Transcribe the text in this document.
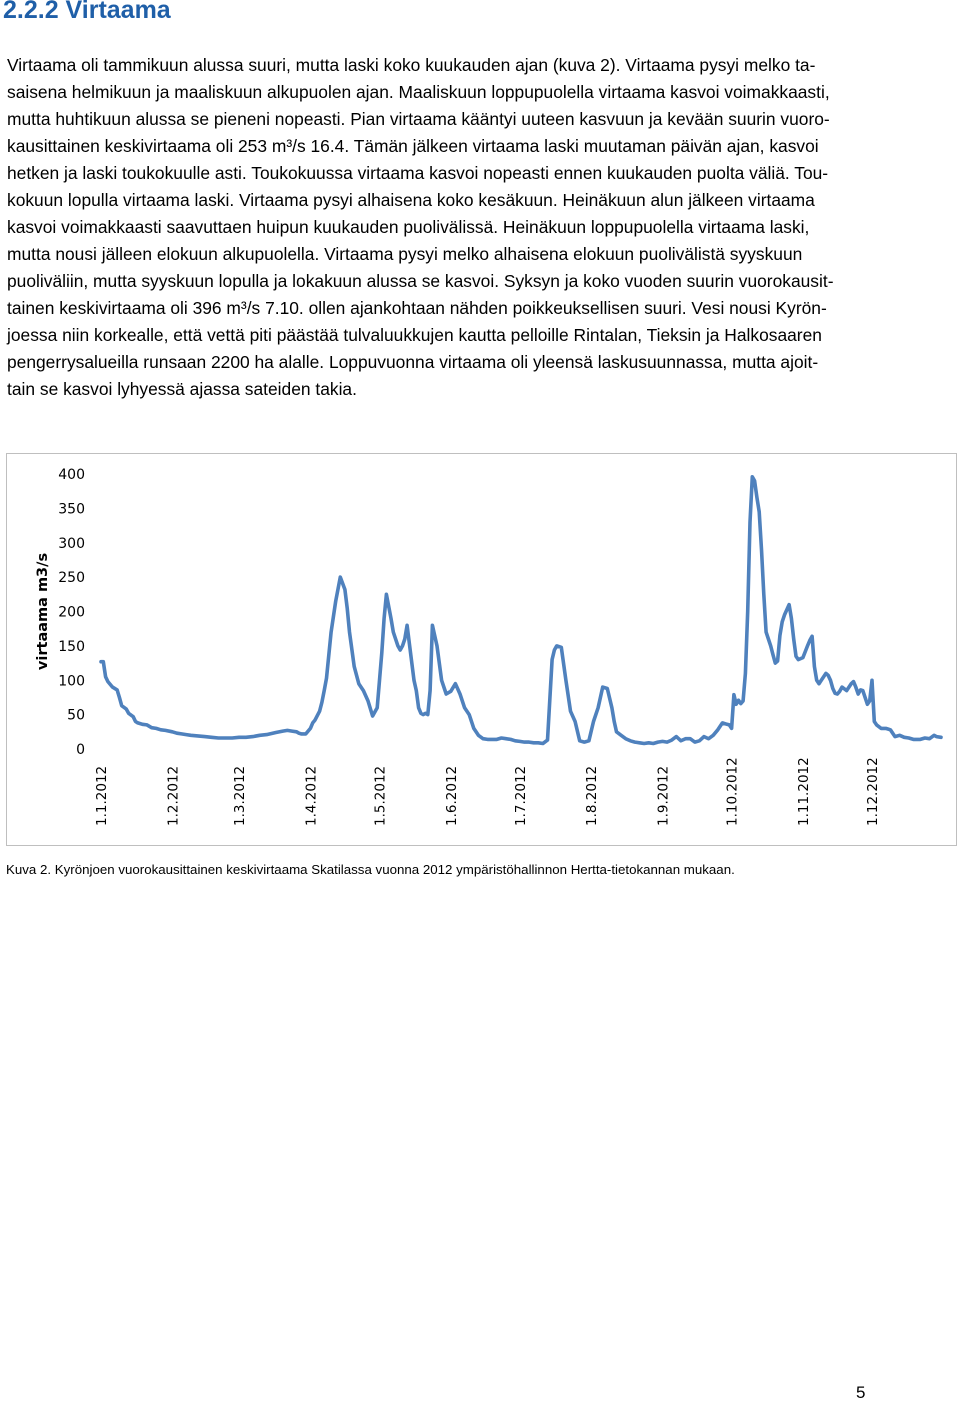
2.2.2 Virtaama
Virtaama oli tammikuun alussa suuri, mutta laski koko kuukauden ajan (kuva 2). Virtaama pysyi melko ta-
saisena helmikuun ja maaliskuun alkupuolen ajan. Maaliskuun loppupuolella virtaama kasvoi voimakkaasti,
mutta huhtikuun alussa se pieneni nopeasti. Pian virtaama kääntyi uuteen kasvuun ja kevään suurin vuoro-
kausittainen keskivirtaama oli 253 m³/s 16.4. Tämän jälkeen virtaama laski muutaman päivän ajan, kasvoi
hetken ja laski toukokuulle asti. Toukokuussa virtaama kasvoi nopeasti ennen kuukauden puolta väliä. Tou-
kokuun lopulla virtaama laski. Virtaama pysyi alhaisena koko kesäkuun. Heinäkuun alun jälkeen virtaama
kasvoi voimakkaasti saavuttaen huipun kuukauden puolivälissä. Heinäkuun loppupuolella virtaama laski,
mutta nousi jälleen elokuun alkupuolella. Virtaama pysyi melko alhaisena elokuun puolivälistä syyskuun
puoliväliin, mutta syyskuun lopulla ja lokakuun alussa se kasvoi. Syksyn ja koko vuoden suurin vuorokausit-
tainen keskivirtaama oli 396 m³/s 7.10. ollen ajankohtaan nähden poikkeuksellisen suuri. Vesi nousi Kyrön-
joessa niin korkealle, että vettä piti päästää tulvaluukkujen kautta pelloille Rintalan, Tieksin ja Halkosaaren
pengerrysalueilla runsaan 2200 ha alalle. Loppuvuonna virtaama oli yleensä laskusuunnassa, mutta ajoit-
tain se kasvoi lyhyessä ajassa sateiden takia.
0
50
100
150
200
250
300
350
400
virtaama m3/s
1.1.2012	1.2.2012	1.3.2012	1.4.2012	1.5.2012	1.6.2012	1.7.2012	1.8.2012	1.9.2012	1.10.2012	1.11.2012	1.12.2012
Kuva 2. Kyrönjoen vuorokausittainen keskivirtaama Skatilassa vuonna 2012 ympäristöhallinnon Hertta-tietokannan mukaan.
5
